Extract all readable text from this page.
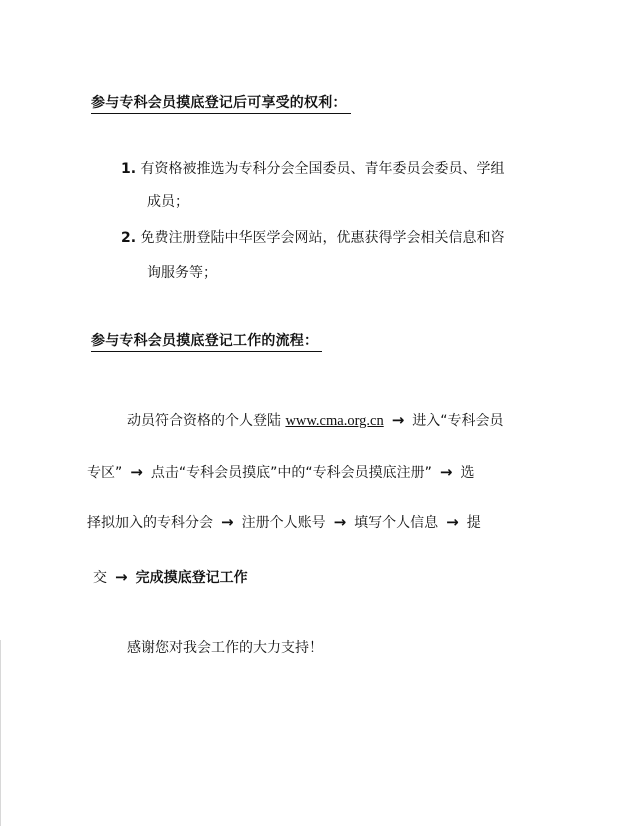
参与专科会员摸底登记后可享受的权利：
1. 有资格被推选为专科分会全国委员、青年委员会委员、学组
成员；
2. 免费注册登陆中华医学会网站，优惠获得学会相关信息和咨
询服务等；
参与专科会员摸底登记工作的流程：
动员符合资格的个人登陆 www.cma.org.cn → 进入“专科会员
专区” → 点击“专科会员摸底”中的“专科会员摸底注册” → 选
择拟加入的专科分会 → 注册个人账号 → 填写个人信息 → 提
交 → 完成摸底登记工作
感谢您对我会工作的大力支持！
